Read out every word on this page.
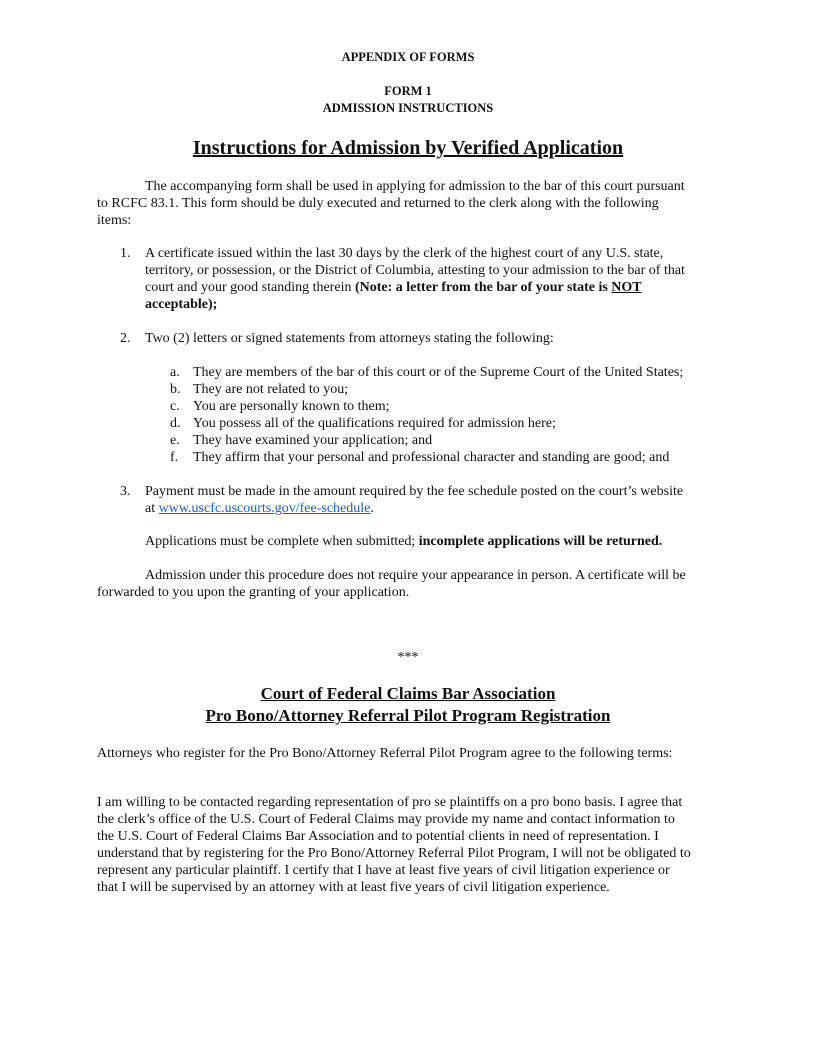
APPENDIX OF FORMS
FORM 1
ADMISSION INSTRUCTIONS
Instructions for Admission by Verified Application
The accompanying form shall be used in applying for admission to the bar of this court pursuant
to RCFC 83.1. This form should be duly executed and returned to the clerk along with the following
items:
1. A certificate issued within the last 30 days by the clerk of the highest court of any U.S. state,
territory, or possession, or the District of Columbia, attesting to your admission to the bar of that
court and your good standing therein (Note: a letter from the bar of your state is NOT
acceptable);
2. Two (2) letters or signed statements from attorneys stating the following:
a. They are members of the bar of this court or of the Supreme Court of the United States;
b. They are not related to you;
c. You are personally known to them;
d. You possess all of the qualifications required for admission here;
e. They have examined your application; and
f. They affirm that your personal and professional character and standing are good; and
3. Payment must be made in the amount required by the fee schedule posted on the court’s website
at www.uscfc.uscourts.gov/fee-schedule.
Applications must be complete when submitted; incomplete applications will be returned.
Admission under this procedure does not require your appearance in person. A certificate will be
forwarded to you upon the granting of your application.
***
Court of Federal Claims Bar Association
Pro Bono/Attorney Referral Pilot Program Registration
Attorneys who register for the Pro Bono/Attorney Referral Pilot Program agree to the following terms:
I am willing to be contacted regarding representation of pro se plaintiffs on a pro bono basis. I agree that
the clerk’s office of the U.S. Court of Federal Claims may provide my name and contact information to
the U.S. Court of Federal Claims Bar Association and to potential clients in need of representation. I
understand that by registering for the Pro Bono/Attorney Referral Pilot Program, I will not be obligated to
represent any particular plaintiff. I certify that I have at least five years of civil litigation experience or
that I will be supervised by an attorney with at least five years of civil litigation experience.
